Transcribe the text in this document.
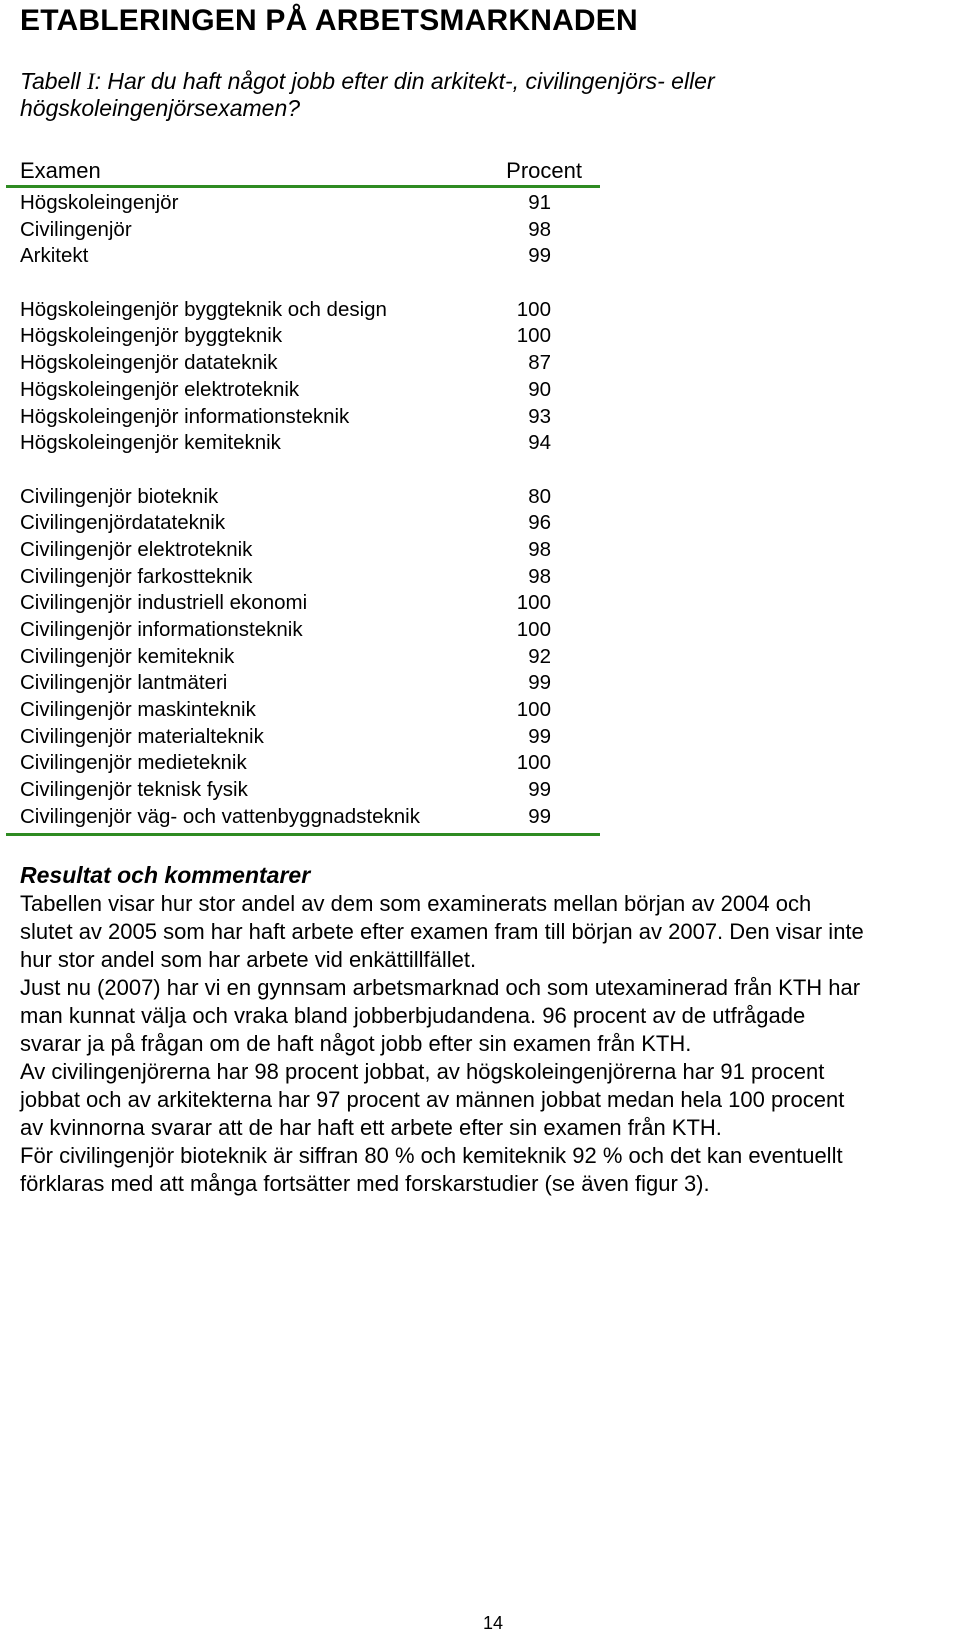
ETABLERINGEN PÅ ARBETSMARKNADEN

Tabell I: Har du haft något jobb efter din arkitekt-, civilingenjörs- eller
högskoleingenjörsexamen?

Examen	Procent
Högskoleingenjör	91
Civilingenjör	98
Arkitekt	99
Högskoleingenjör byggteknik och design	100
Högskoleingenjör byggteknik	100
Högskoleingenjör datateknik	87
Högskoleingenjör elektroteknik	90
Högskoleingenjör informationsteknik	93
Högskoleingenjör kemiteknik	94
Civilingenjör bioteknik	80
Civilingenjördatateknik	96
Civilingenjör elektroteknik	98
Civilingenjör farkostteknik	98
Civilingenjör industriell ekonomi	100
Civilingenjör informationsteknik	100
Civilingenjör kemiteknik	92
Civilingenjör lantmäteri	99
Civilingenjör maskinteknik	100
Civilingenjör materialteknik	99
Civilingenjör medieteknik	100
Civilingenjör teknisk fysik	99
Civilingenjör väg- och vattenbyggnadsteknik	99
Resultat och kommentarer

Tabellen visar hur stor andel av dem som examinerats mellan början av 2004 och
slutet av 2005 som har haft arbete efter examen fram till början av 2007. Den visar inte
hur stor andel som har arbete vid enkättillfället.
Just nu (2007) har vi en gynnsam arbetsmarknad och som utexaminerad från KTH har
man kunnat välja och vraka bland jobberbjudandena. 96 procent av de utfrågade
svarar ja på frågan om de haft något jobb efter sin examen från KTH.
Av civilingenjörerna har 98 procent jobbat, av högskoleingenjörerna har 91 procent
jobbat och av arkitekterna har 97 procent av männen jobbat medan hela 100 procent
av kvinnorna svarar att de har haft ett arbete efter sin examen från KTH.
För civilingenjör bioteknik är siffran 80 % och kemiteknik 92 % och det kan eventuellt
förklaras med att många fortsätter med forskarstudier (se även figur 3).

14
